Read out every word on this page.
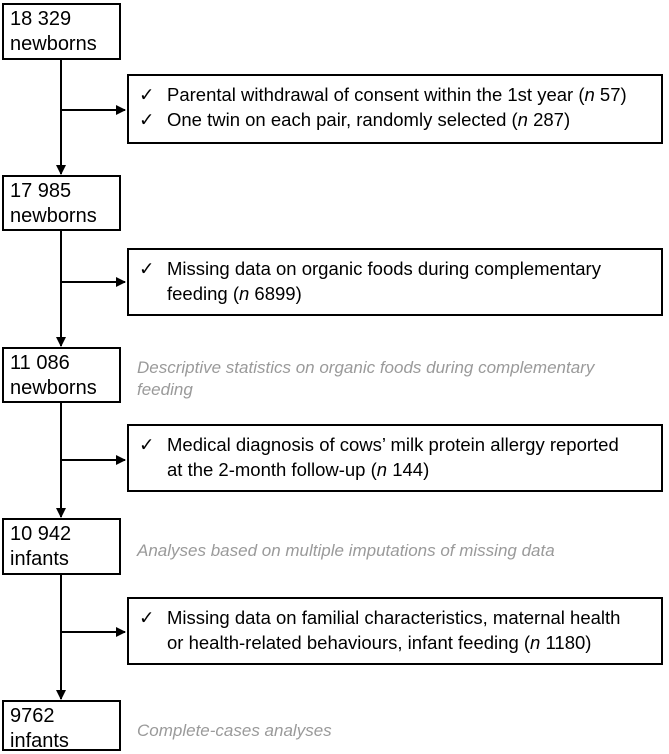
18 329
newborns
17 985
newborns
11 086
newborns
10 942
infants
9762
infants
✓ Parental withdrawal of consent within the 1st year (n 57)
✓ One twin on each pair, randomly selected (n 287)
✓ Missing data on organic foods during complementary
feeding (n 6899)
✓ Medical diagnosis of cows’ milk protein allergy reported
at the 2-month follow-up (n 144)
✓ Missing data on familial characteristics, maternal health
or health-related behaviours, infant feeding (n 1180)
Descriptive statistics on organic foods during complementary
feeding
Analyses based on multiple imputations of missing data
Complete-cases analyses
